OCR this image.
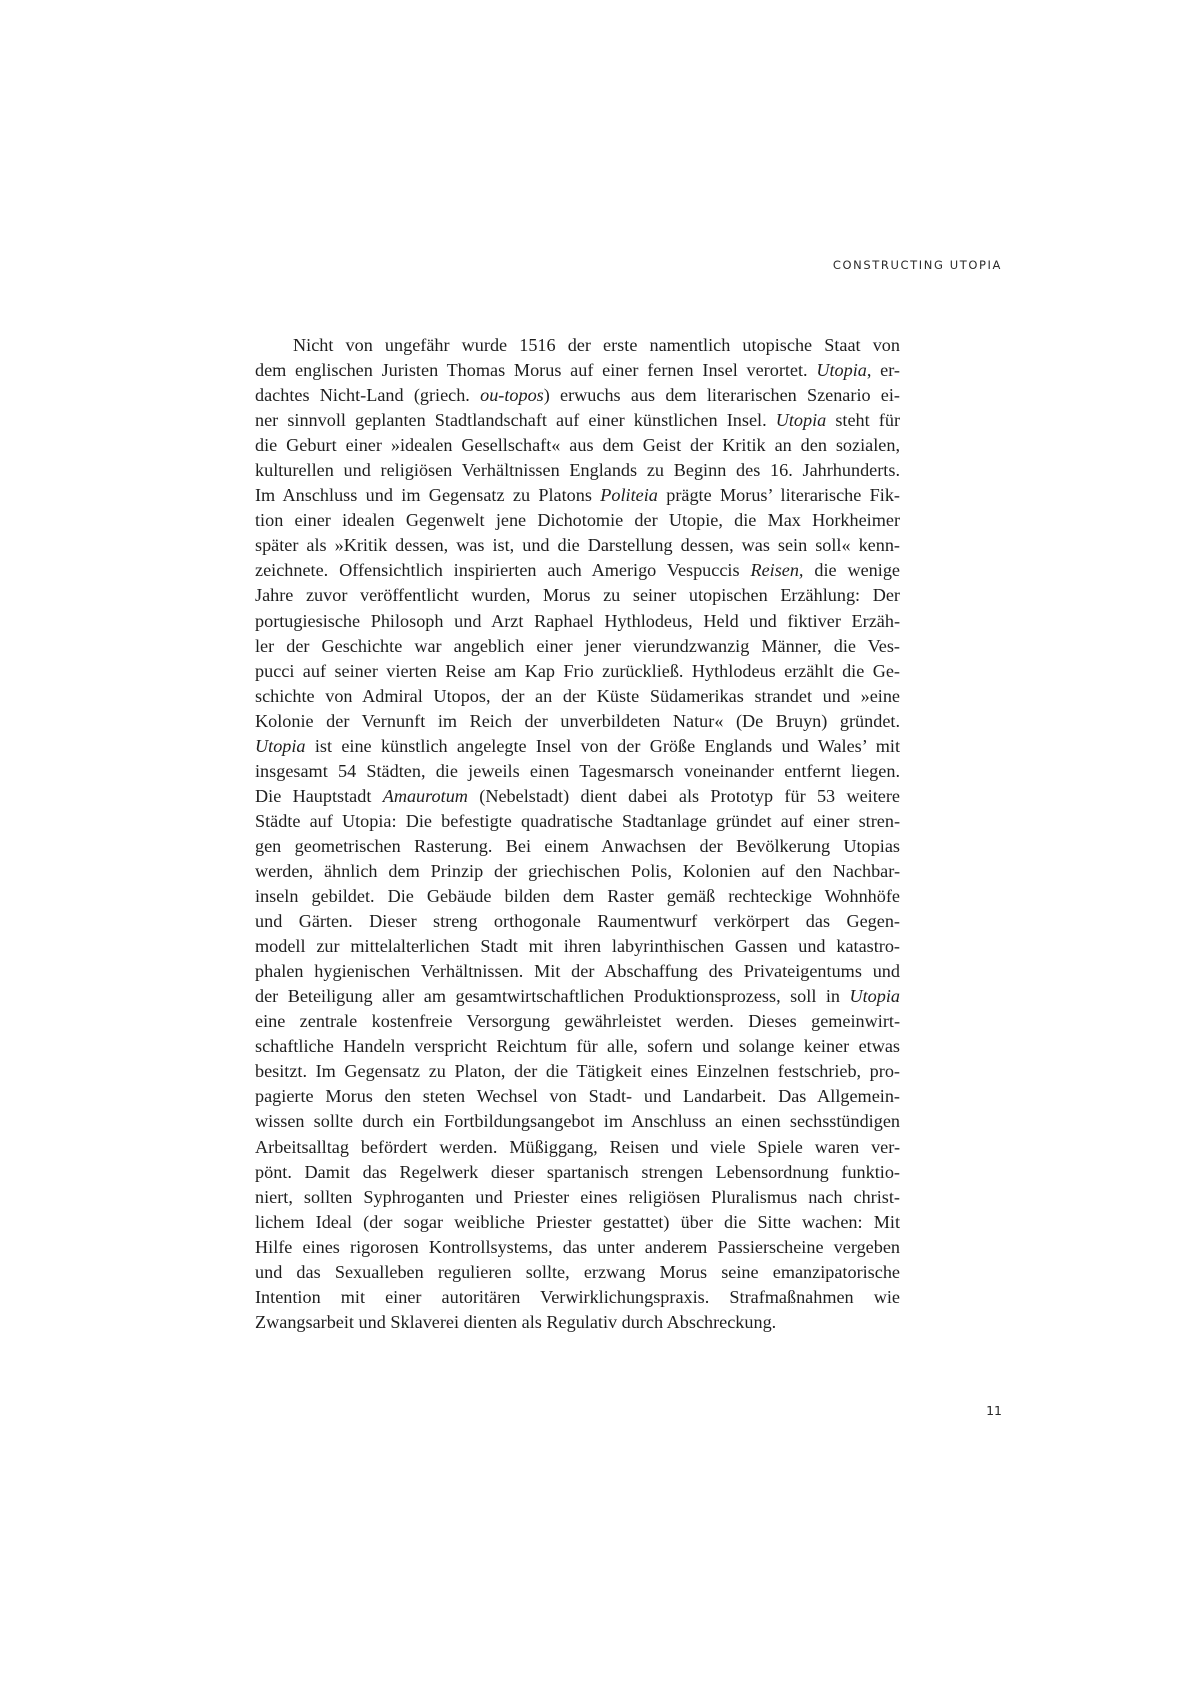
CONSTRUCTING UTOPIA
Nicht von ungefähr wurde 1516 der erste namentlich utopische Staat von
dem englischen Juristen Thomas Morus auf einer fernen Insel verortet. Utopia, er-
dachtes Nicht-Land (griech. ou-topos) erwuchs aus dem literarischen Szenario ei-
ner sinnvoll geplanten Stadtlandschaft auf einer künstlichen Insel. Utopia steht für
die Geburt einer »idealen Gesellschaft« aus dem Geist der Kritik an den sozialen,
kulturellen und religiösen Verhältnissen Englands zu Beginn des 16. Jahrhunderts.
Im Anschluss und im Gegensatz zu Platons Politeia prägte Morus’ literarische Fik-
tion einer idealen Gegenwelt jene Dichotomie der Utopie, die Max Horkheimer
später als »Kritik dessen, was ist, und die Darstellung dessen, was sein soll« kenn-
zeichnete. Offensichtlich inspirierten auch Amerigo Vespuccis Reisen, die wenige
Jahre zuvor veröffentlicht wurden, Morus zu seiner utopischen Erzählung: Der
portugiesische Philosoph und Arzt Raphael Hythlodeus, Held und fiktiver Erzäh-
ler der Geschichte war angeblich einer jener vierundzwanzig Männer, die Ves-
pucci auf seiner vierten Reise am Kap Frio zurückließ. Hythlodeus erzählt die Ge-
schichte von Admiral Utopos, der an der Küste Südamerikas strandet und »eine
Kolonie der Vernunft im Reich der unverbildeten Natur« (De Bruyn) gründet.
Utopia ist eine künstlich angelegte Insel von der Größe Englands und Wales’ mit
insgesamt 54 Städten, die jeweils einen Tagesmarsch voneinander entfernt liegen.
Die Hauptstadt Amaurotum (Nebelstadt) dient dabei als Prototyp für 53 weitere
Städte auf Utopia: Die befestigte quadratische Stadtanlage gründet auf einer stren-
gen geometrischen Rasterung. Bei einem Anwachsen der Bevölkerung Utopias
werden, ähnlich dem Prinzip der griechischen Polis, Kolonien auf den Nachbar-
inseln gebildet. Die Gebäude bilden dem Raster gemäß rechteckige Wohnhöfe
und Gärten. Dieser streng orthogonale Raumentwurf verkörpert das Gegen-
modell zur mittelalterlichen Stadt mit ihren labyrinthischen Gassen und katastro-
phalen hygienischen Verhältnissen. Mit der Abschaffung des Privateigentums und
der Beteiligung aller am gesamtwirtschaftlichen Produktionsprozess, soll in Utopia
eine zentrale kostenfreie Versorgung gewährleistet werden. Dieses gemeinwirt-
schaftliche Handeln verspricht Reichtum für alle, sofern und solange keiner etwas
besitzt. Im Gegensatz zu Platon, der die Tätigkeit eines Einzelnen festschrieb, pro-
pagierte Morus den steten Wechsel von Stadt- und Landarbeit. Das Allgemein-
wissen sollte durch ein Fortbildungsangebot im Anschluss an einen sechsstündigen
Arbeitsalltag befördert werden. Müßiggang, Reisen und viele Spiele waren ver-
pönt. Damit das Regelwerk dieser spartanisch strengen Lebensordnung funktio-
niert, sollten Syphroganten und Priester eines religiösen Pluralismus nach christ-
lichem Ideal (der sogar weibliche Priester gestattet) über die Sitte wachen: Mit
Hilfe eines rigorosen Kontrollsystems, das unter anderem Passierscheine vergeben
und das Sexualleben regulieren sollte, erzwang Morus seine emanzipatorische
Intention mit einer autoritären Verwirklichungspraxis. Strafmaßnahmen wie
Zwangsarbeit und Sklaverei dienten als Regulativ durch Abschreckung.
11
